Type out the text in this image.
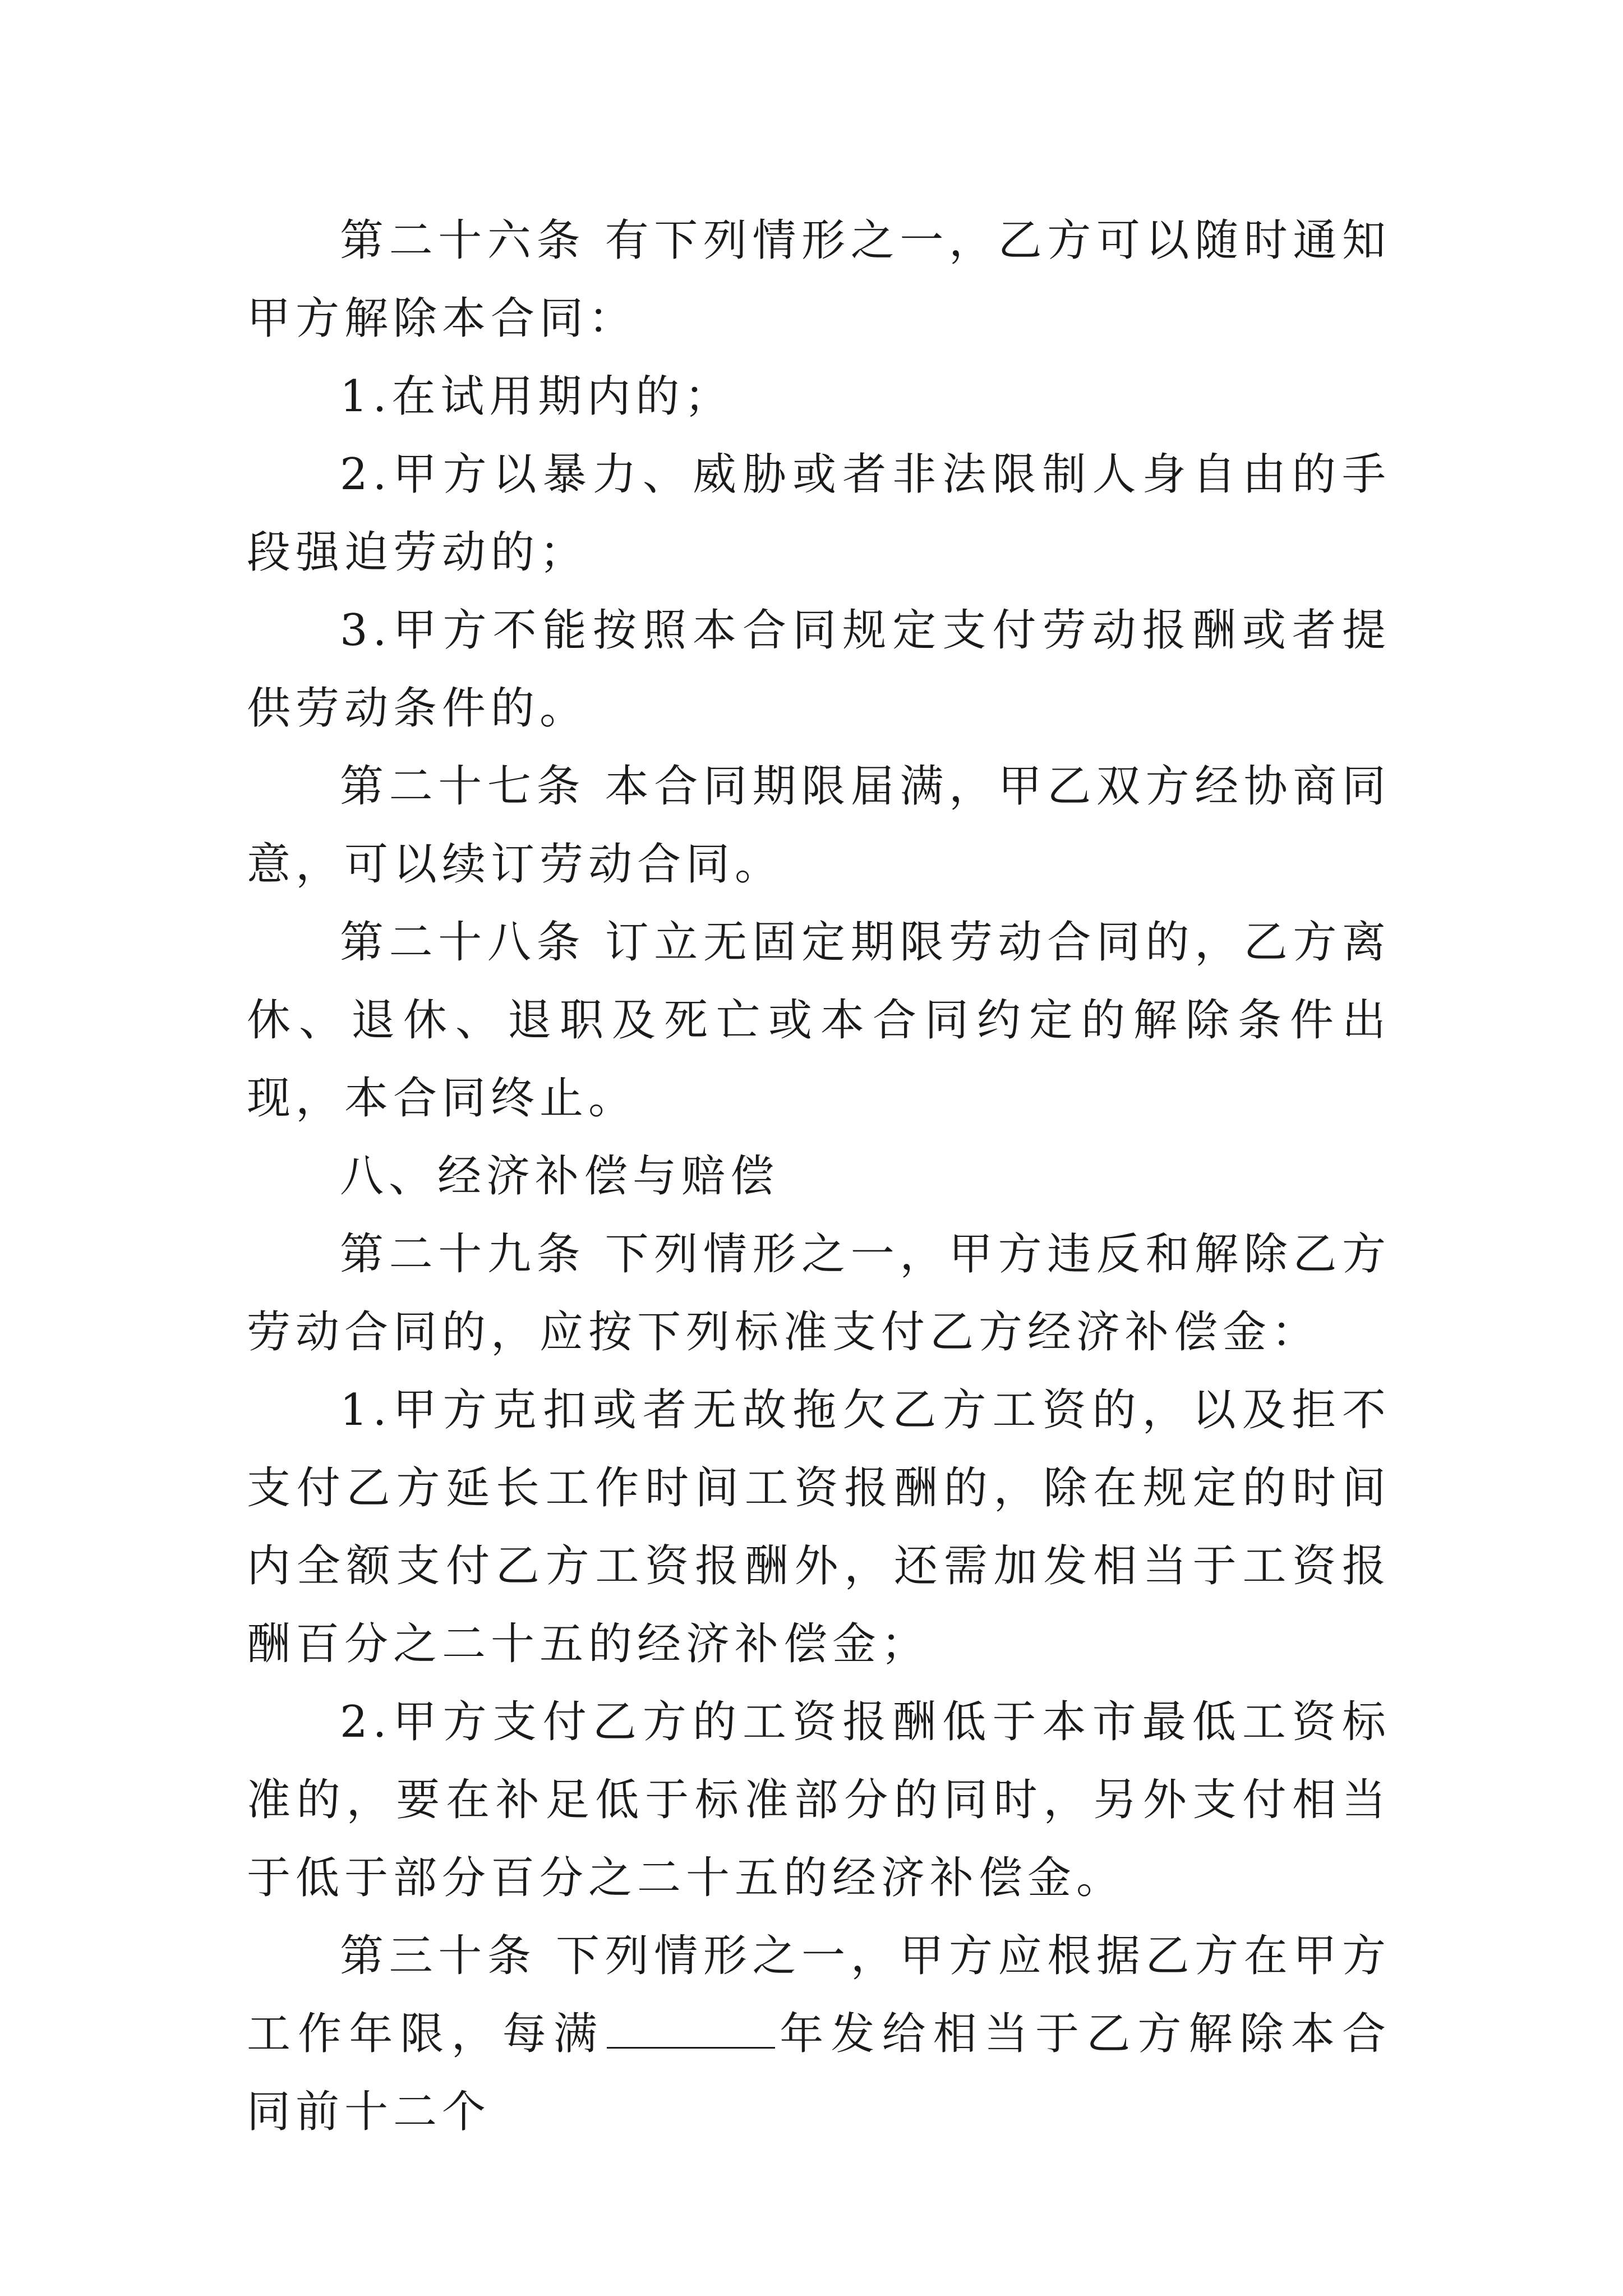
第二十六条 有下列情形之一，乙方可以随时通知甲方解除本合同：

1.在试用期内的；

2.甲方以暴力、威胁或者非法限制人身自由的手段强迫劳动的；

3.甲方不能按照本合同规定支付劳动报酬或者提供劳动条件的。

第二十七条 本合同期限届满，甲乙双方经协商同意，可以续订劳动合同。

第二十八条 订立无固定期限劳动合同的，乙方离休、退休、退职及死亡或本合同约定的解除条件出现，本合同终止。

八、经济补偿与赔偿

第二十九条 下列情形之一，甲方违反和解除乙方劳动合同的，应按下列标准支付乙方经济补偿金：

1.甲方克扣或者无故拖欠乙方工资的，以及拒不支付乙方延长工作时间工资报酬的，除在规定的时间内全额支付乙方工资报酬外，还需加发相当于工资报酬百分之二十五的经济补偿金；

2.甲方支付乙方的工资报酬低于本市最低工资标准的，要在补足低于标准部分的同时，另外支付相当于低于部分百分之二十五的经济补偿金。

第三十条 下列情形之一，甲方应根据乙方在甲方工作年限，每满	年发给相当于乙方解除本合同前十二个
